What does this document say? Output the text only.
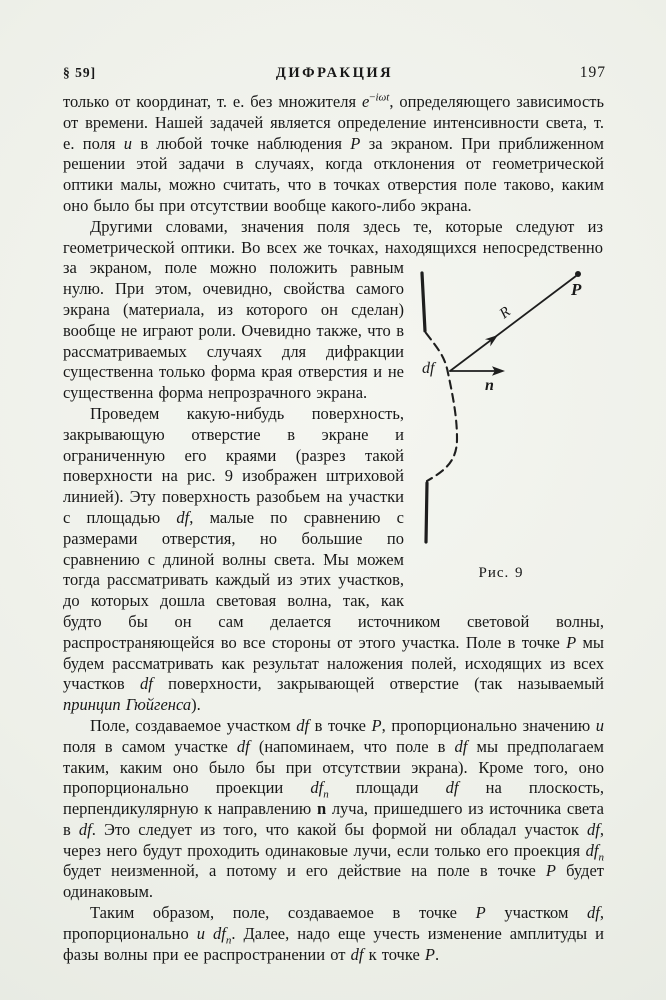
§ 59]	ДИФРАКЦИЯ	197
только от координат, т. е. без множителя $e^{-i\omega t}$, определяющего зависимость от времени. Нашей задачей является определение интенсивности света, т. е. поля u в любой точке наблюдения P за экраном. При приближенном решении этой задачи в случаях, когда отклонения от геометрической оптики малы, можно считать, что в точках отверстия поле таково, каким оно было бы при отсутствии вообще какого-либо экрана.
P
R
n
df
Рис. 9
Другими словами, значения поля здесь те, которые следуют из геометрической оптики. Во всех же точках, находящихся непосредственно за экраном, поле можно положить равным нулю. При этом, очевидно, свойства самого экрана (материала, из которого он сделан) вообще не играют роли. Очевидно также, что в рассматриваемых случаях для дифракции существенна только форма края отверстия и не существенна форма непрозрачного экрана.
Проведем какую-нибудь поверхность, закрывающую отверстие в экране и ограниченную его краями (разрез такой поверхности на рис. 9 изображен штриховой линией). Эту поверхность разобьем на участки с площадью df, малые по сравнению с размерами отверстия, но большие по сравнению с длиной волны света. Мы можем тогда рассматривать каждый из этих участков, до которых дошла световая волна, так, как будто бы он сам делается источником световой волны, распространяющейся во все стороны от этого участка. Поле в точке P мы будем рассматривать как результат наложения полей, исходящих из всех участков df поверхности, закрывающей отверстие (так называемый принцип Гюйгенса).
Поле, создаваемое участком df в точке P, пропорционально значению u поля в самом участке df (напоминаем, что поле в df мы предполагаем таким, каким оно было бы при отсутствии экрана). Кроме того, оно пропорционально проекции $df_n$ площади df на плоскость, перпендикулярную к направлению n луча, пришедшего из источника света в df. Это следует из того, что какой бы формой ни обладал участок df, через него будут проходить одинаковые лучи, если только его проекция $df_n$ будет неизменной, а потому и его действие на поле в точке P будет одинаковым.
Таким образом, поле, создаваемое в точке P участком df, пропорционально u $df_n$. Далее, надо еще учесть изменение амплитуды и фазы волны при ее распространении от df к точке P.
